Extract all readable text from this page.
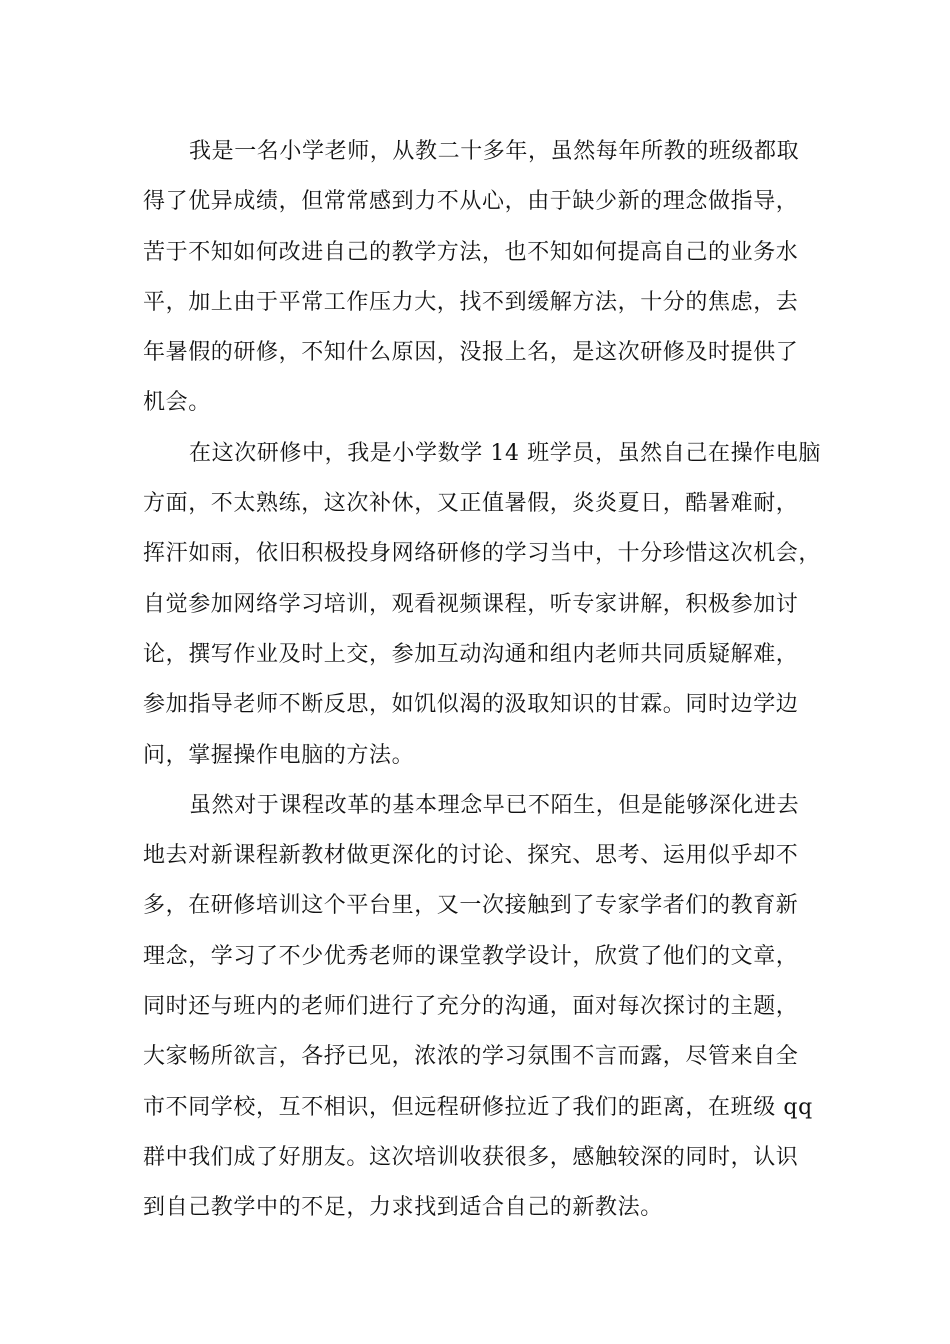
我是一名小学老师，从教二十多年，虽然每年所教的班级都取
得了优异成绩，但常常感到力不从心，由于缺少新的理念做指导，
苦于不知如何改进自己的教学方法，也不知如何提高自己的业务水
平，加上由于平常工作压力大，找不到缓解方法，十分的焦虑，去
年暑假的研修，不知什么原因，没报上名，是这次研修及时提供了
机会。
在这次研修中，我是小学数学 14 班学员，虽然自己在操作电脑
方面，不太熟练，这次补休，又正值暑假，炎炎夏日，酷暑难耐，
挥汗如雨，依旧积极投身网络研修的学习当中，十分珍惜这次机会，
自觉参加网络学习培训，观看视频课程，听专家讲解，积极参加讨
论，撰写作业及时上交，参加互动沟通和组内老师共同质疑解难，
参加指导老师不断反思，如饥似渴的汲取知识的甘霖。同时边学边
问，掌握操作电脑的方法。
虽然对于课程改革的基本理念早已不陌生，但是能够深化进去
地去对新课程新教材做更深化的讨论、探究、思考、运用似乎却不
多，在研修培训这个平台里，又一次接触到了专家学者们的教育新
理念，学习了不少优秀老师的课堂教学设计，欣赏了他们的文章，
同时还与班内的老师们进行了充分的沟通，面对每次探讨的主题，
大家畅所欲言，各抒已见，浓浓的学习氛围不言而露，尽管来自全
市不同学校，互不相识，但远程研修拉近了我们的距离，在班级 qq
群中我们成了好朋友。这次培训收获很多，感触较深的同时，认识
到自己教学中的不足，力求找到适合自己的新教法。
